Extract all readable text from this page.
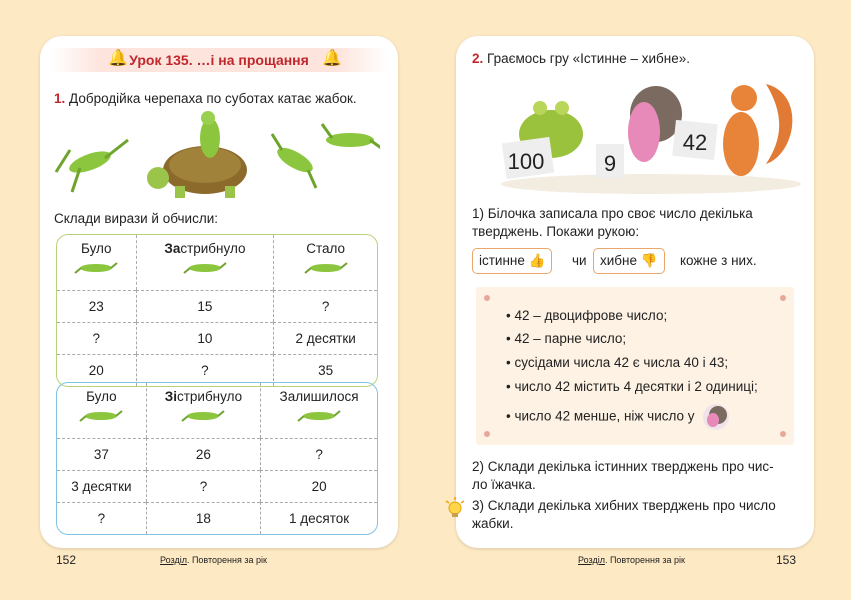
🔔 Урок 135. …і на прощання 🔔
1. Добродійка черепаха по суботах катає жабок.
Склади вирази й обчисли:
Було	Застрибнуло	Стало

23	15	?
?	10	2 десятки
20	?	35
Було	Зістрибнуло	Залишилося

37	26	?
3 десятки	?	20
?	18	1 десяток
152	Розділ. Повторення за рік
2. Граємось гру «Істинне – хибне».
100	9
42
1) Білочка записала про своє число декілька
тверджень. Покажи рукою:
істинне 👍	чи хибне 👎	кожне з них.
• 42 – двоцифрове число;
• 42 – парне число;
• сусідами числа 42 є числа 40 і 43;
• число 42 містить 4 десятки і 2 одиниці;
• число 42 менше, ніж число у
2) Склади декілька істинних тверджень про чис-
ло їжачка.
3) Склади декілька хибних тверджень про число
жабки.
Розділ. Повторення за рік	153
